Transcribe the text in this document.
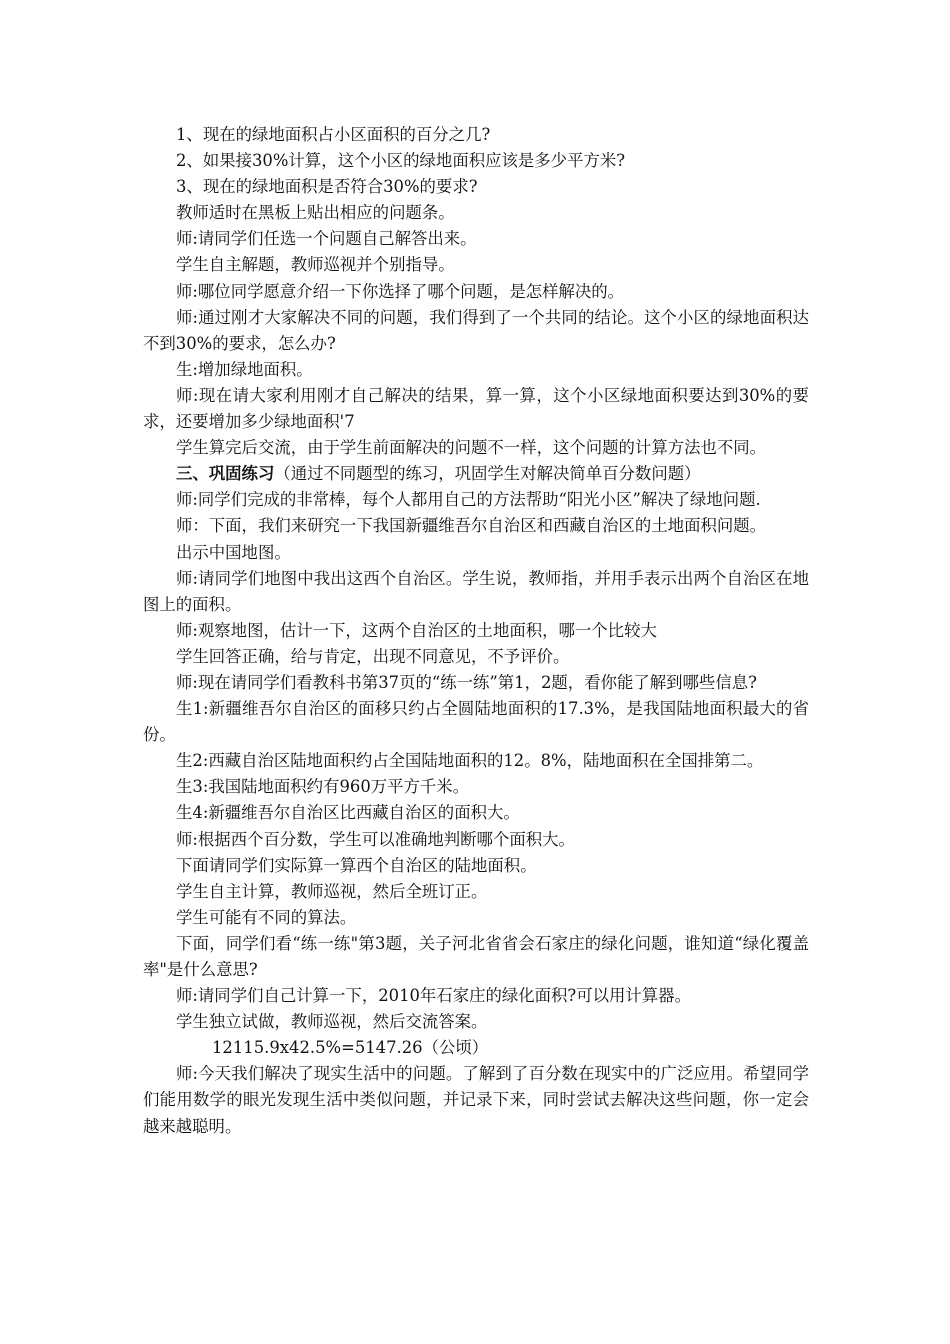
1、现在的绿地面积占小区面积的百分之几?

2、如果接30%计算，这个小区的绿地面积应该是多少平方米?

3、现在的绿地面积是否符合30%的要求?

教师适时在黑板上贴出相应的问题条。

师:请同学们任选一个问题自己解答出来。

学生自主解题，教师巡视并个别指导。

师:哪位同学愿意介绍一下你选择了哪个问题，是怎样解决的。

师:通过刚才大家解决不同的问题，我们得到了一个共同的结论。这个小区的绿地面积达不到30%的要求，怎么办?

生:增加绿地面积。

师:现在请大家利用刚才自己解决的结果，算一算，这个小区绿地面积要达到30%的要求，还要增加多少绿地面积'7

学生算完后交流，由于学生前面解决的问题不一样，这个问题的计算方法也不同。

三、巩固练习（通过不同题型的练习，巩固学生对解决简单百分数问题）

师:同学们完成的非常棒，每个人都用自己的方法帮助“阳光小区”解决了绿地问题.

师：下面，我们来研究一下我国新疆维吾尔自治区和西藏自治区的土地面积问题。

出示中国地图。

师:请同学们地图中我出这西个自治区。学生说，教师指，并用手表示出两个自治区在地图上的面积。

师:观察地图，估计一下，这两个自治区的土地面积，哪一个比较大

学生回答正确，给与肯定，出现不同意见，不予评价。

师:现在请同学们看教科书第37页的“练一练”第1，2题，看你能了解到哪些信息?

生1:新疆维吾尔自治区的面移只约占全圆陆地面积的17.3%，是我国陆地面积最大的省份。

生2:西藏自治区陆地面积约占全国陆地面积的12。8%，陆地面积在全国排第二。

生3:我国陆地面积约有960万平方千米。

生4:新疆维吾尔自治区比西藏自治区的面积大。

师:根据西个百分数，学生可以准确地判断哪个面积大。

下面请同学们实际算一算西个自治区的陆地面积。

学生自主计算，教师巡视，然后全班订正。

学生可能有不同的算法。

下面，同学们看“练一练"第3题，关子河北省省会石家庄的绿化问题，谁知道“绿化覆盖率"是什么意思?

师:请同学们自己计算一下，2010年石家庄的绿化面积?可以用计算器。

学生独立试做，教师巡视，然后交流答案。

12115.9x42.5%=5147.26（公顷）

师:今天我们解决了现实生活中的问题。了解到了百分数在现实中的广泛应用。希望同学们能用数学的眼光发现生活中类似问题，并记录下来，同时尝试去解决这些问题，你一定会越来越聪明。
